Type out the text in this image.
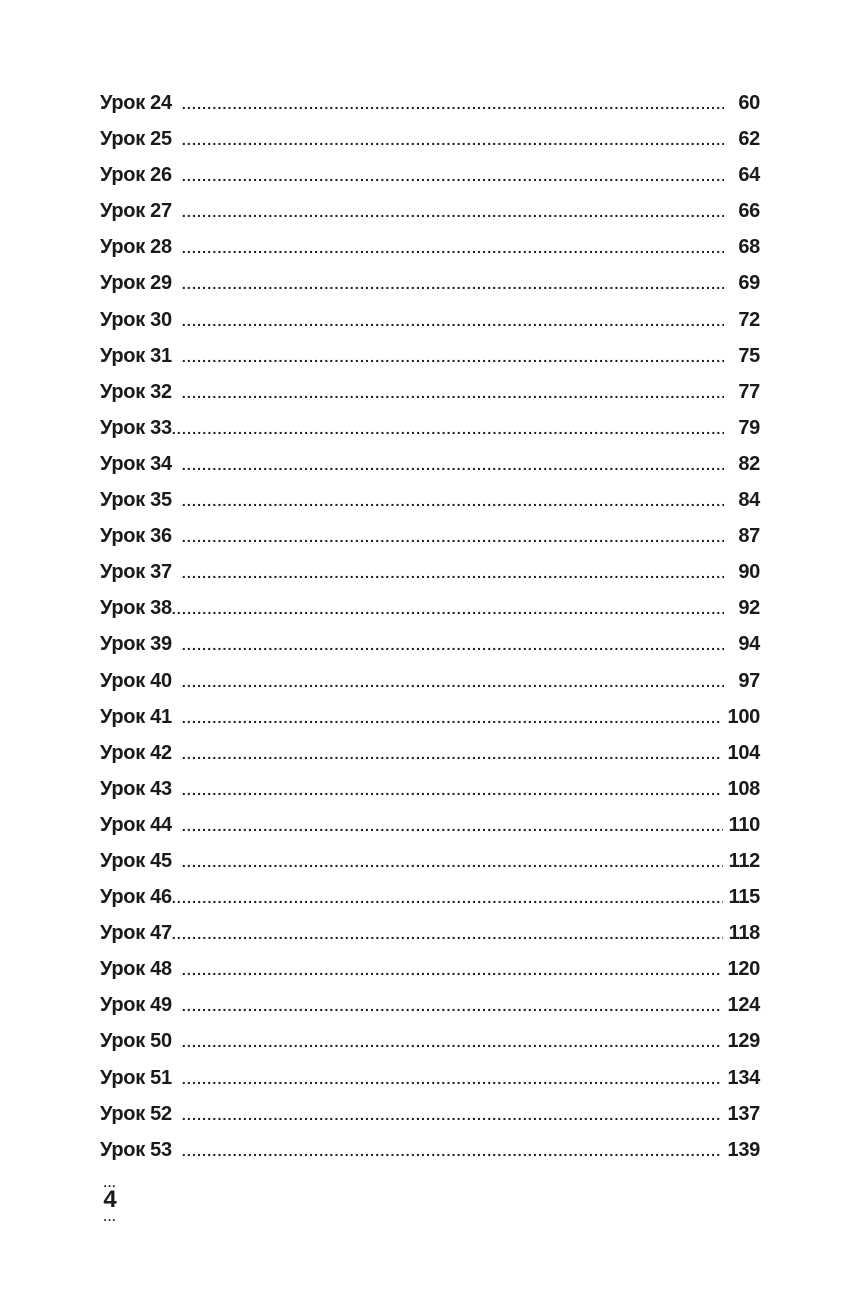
Урок 24 .....	60
Урок 25 .....	62
Урок 26 .....	64
Урок 27 .....	66
Урок 28 .....	68
Урок 29 .....	69
Урок 30 .....	72
Урок 31 .....	75
Урок 32 .....	77
Урок 33 .....	79
Урок 34 .....	82
Урок 35 .....	84
Урок 36 .....	87
Урок 37 .....	90
Урок 38 .....	92
Урок 39 .....	94
Урок 40 .....	97
Урок 41 .....	100
Урок 42 .....	104
Урок 43 .....	108
Урок 44 .....	110
Урок 45 .....	112
Урок 46 .....	115
Урок 47 .....	118
Урок 48 .....	120
Урок 49 .....	124
Урок 50 .....	129
Урок 51 .....	134
Урок 52 .....	137
Урок 53 .....	139
...
4
...
